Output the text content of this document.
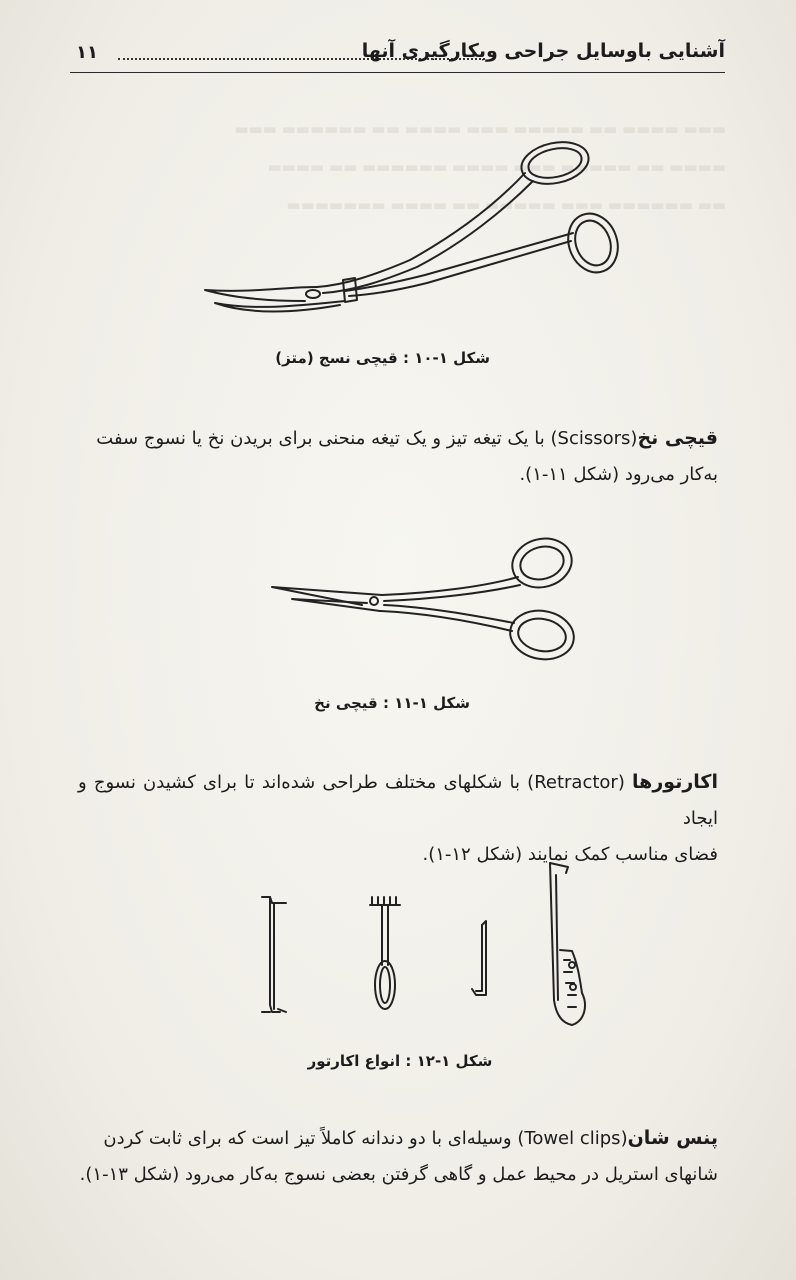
▬▬▬ ▬▬▬▬ ▬▬ ▬▬▬▬▬ ▬▬▬ ▬▬▬▬ ▬▬ ▬▬▬▬▬▬ ▬▬▬
▬▬▬▬ ▬▬ ▬▬▬▬▬ ▬▬▬ ▬▬▬▬ ▬▬▬▬▬▬ ▬▬ ▬▬▬▬
▬▬ ▬▬▬▬▬▬ ▬▬▬ ▬▬▬▬▬ ▬▬ ▬▬▬▬ ▬▬▬▬▬▬▬
۱۱	آشنایی باوسایل جراحی وبکارگیری آنها
شکل ۱-۱۰ : قیچی نسج (متز)
قیچی نخ(Scissors) با یک تیغه تیز و یک تیغه منحنی برای بریدن نخ یا نسوج سفت
به‌کار می‌رود (شکل ۱۱-۱).
شکل ۱-۱۱ : قیچی نخ
اکارتورها (Retractor) با شکلهای مختلف طراحی شده‌اند تا برای کشیدن نسوج و ایجاد
فضای مناسب کمک نمایند (شکل ۱۲-۱).
شکل ۱-۱۲ : انواع اکارتور
پنس شان(Towel clips) وسیله‌ای با دو دندانه کاملاً تیز است که برای ثابت کردن
شانهای استریل در محیط عمل و گاهی گرفتن بعضی نسوج به‌کار می‌رود (شکل ۱۳-۱).
